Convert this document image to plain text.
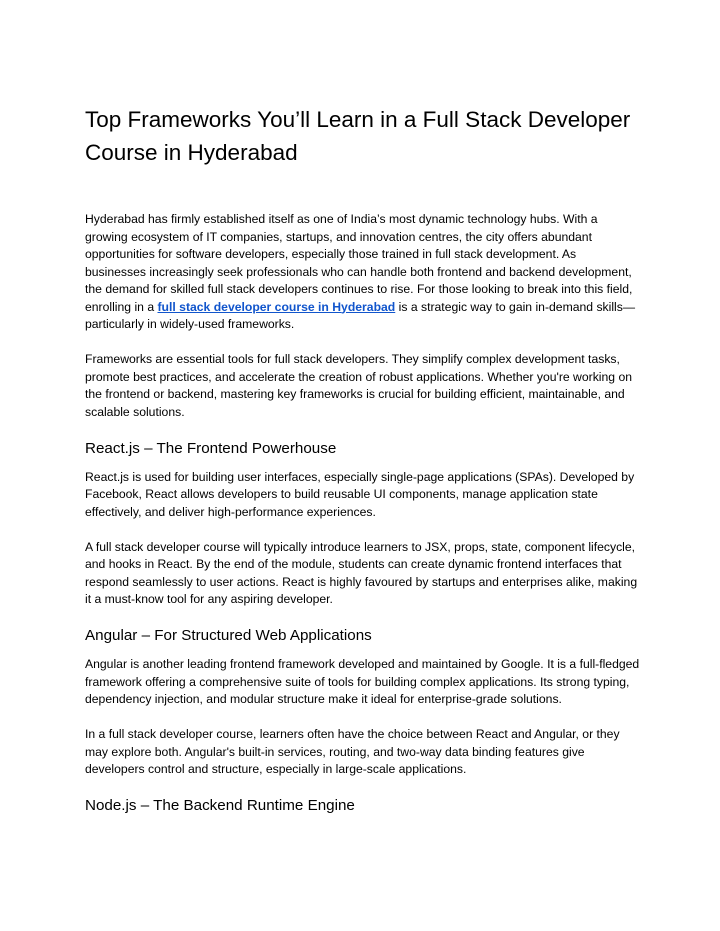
Top Frameworks You’ll Learn in a Full Stack Developer Course in Hyderabad

Hyderabad has firmly established itself as one of India’s most dynamic technology hubs. With a growing ecosystem of IT companies, startups, and innovation centres, the city offers abundant opportunities for software developers, especially those trained in full stack development. As businesses increasingly seek professionals who can handle both frontend and backend development, the demand for skilled full stack developers continues to rise. For those looking to break into this field, enrolling in a full stack developer course in Hyderabad is a strategic way to gain in-demand skills—particularly in widely-used frameworks.

Frameworks are essential tools for full stack developers. They simplify complex development tasks, promote best practices, and accelerate the creation of robust applications. Whether you're working on the frontend or backend, mastering key frameworks is crucial for building efficient, maintainable, and scalable solutions.

React.js – The Frontend Powerhouse

React.js is used for building user interfaces, especially single-page applications (SPAs). Developed by Facebook, React allows developers to build reusable UI components, manage application state effectively, and deliver high-performance experiences.

A full stack developer course will typically introduce learners to JSX, props, state, component lifecycle, and hooks in React. By the end of the module, students can create dynamic frontend interfaces that respond seamlessly to user actions. React is highly favoured by startups and enterprises alike, making it a must-know tool for any aspiring developer.

Angular – For Structured Web Applications

Angular is another leading frontend framework developed and maintained by Google. It is a full-fledged framework offering a comprehensive suite of tools for building complex applications. Its strong typing, dependency injection, and modular structure make it ideal for enterprise-grade solutions.

In a full stack developer course, learners often have the choice between React and Angular, or they may explore both. Angular's built-in services, routing, and two-way data binding features give developers control and structure, especially in large-scale applications.

Node.js – The Backend Runtime Engine
